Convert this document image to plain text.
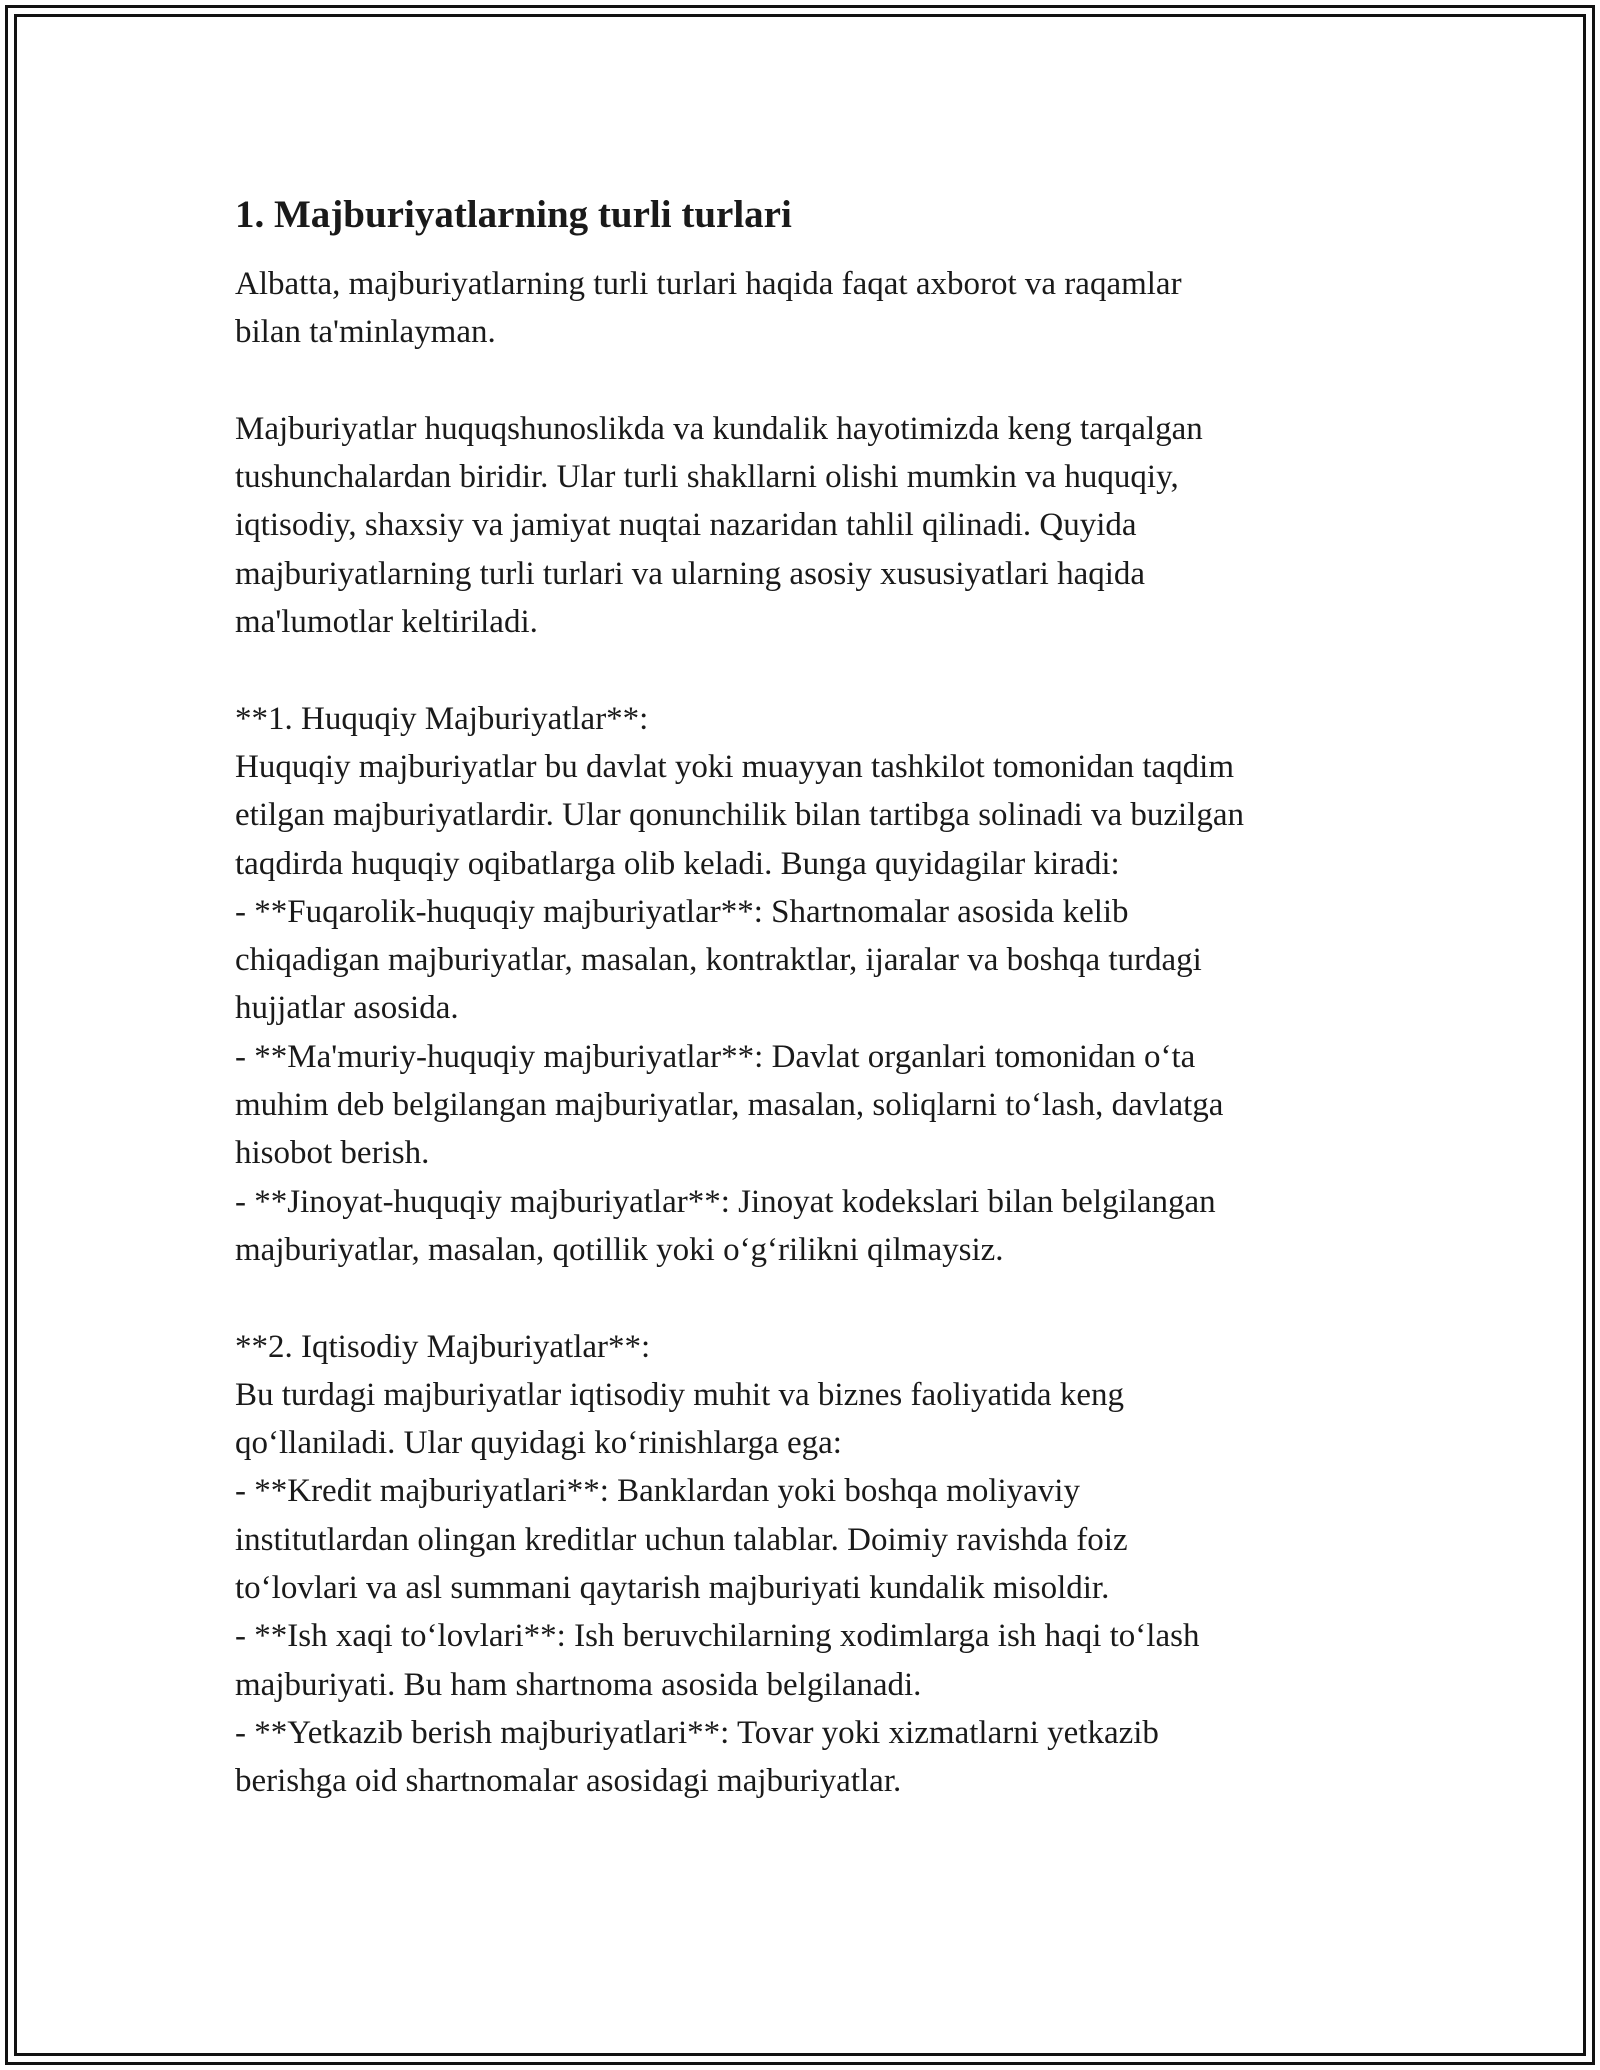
1. Majburiyatlarning turli turlari
Albatta, majburiyatlarning turli turlari haqida faqat axborot va raqamlar
bilan ta'minlayman.
Majburiyatlar huquqshunoslikda va kundalik hayotimizda keng tarqalgan
tushunchalardan biridir. Ular turli shakllarni olishi mumkin va huquqiy,
iqtisodiy, shaxsiy va jamiyat nuqtai nazaridan tahlil qilinadi. Quyida
majburiyatlarning turli turlari va ularning asosiy xususiyatlari haqida
ma'lumotlar keltiriladi.
**1. Huquqiy Majburiyatlar**:
Huquqiy majburiyatlar bu davlat yoki muayyan tashkilot tomonidan taqdim
etilgan majburiyatlardir. Ular qonunchilik bilan tartibga solinadi va buzilgan
taqdirda huquqiy oqibatlarga olib keladi. Bunga quyidagilar kiradi:
- **Fuqarolik-huquqiy majburiyatlar**: Shartnomalar asosida kelib
chiqadigan majburiyatlar, masalan, kontraktlar, ijaralar va boshqa turdagi
hujjatlar asosida.
- **Ma'muriy-huquqiy majburiyatlar**: Davlat organlari tomonidan o‘ta
muhim deb belgilangan majburiyatlar, masalan, soliqlarni to‘lash, davlatga
hisobot berish.
- **Jinoyat-huquqiy majburiyatlar**: Jinoyat kodekslari bilan belgilangan
majburiyatlar, masalan, qotillik yoki o‘g‘rilikni qilmaysiz.
**2. Iqtisodiy Majburiyatlar**:
Bu turdagi majburiyatlar iqtisodiy muhit va biznes faoliyatida keng
qo‘llaniladi. Ular quyidagi ko‘rinishlarga ega:
- **Kredit majburiyatlari**: Banklardan yoki boshqa moliyaviy
institutlardan olingan kreditlar uchun talablar. Doimiy ravishda foiz
to‘lovlari va asl summani qaytarish majburiyati kundalik misoldir.
- **Ish xaqi to‘lovlari**: Ish beruvchilarning xodimlarga ish haqi to‘lash
majburiyati. Bu ham shartnoma asosida belgilanadi.
- **Yetkazib berish majburiyatlari**: Tovar yoki xizmatlarni yetkazib
berishga oid shartnomalar asosidagi majburiyatlar.
